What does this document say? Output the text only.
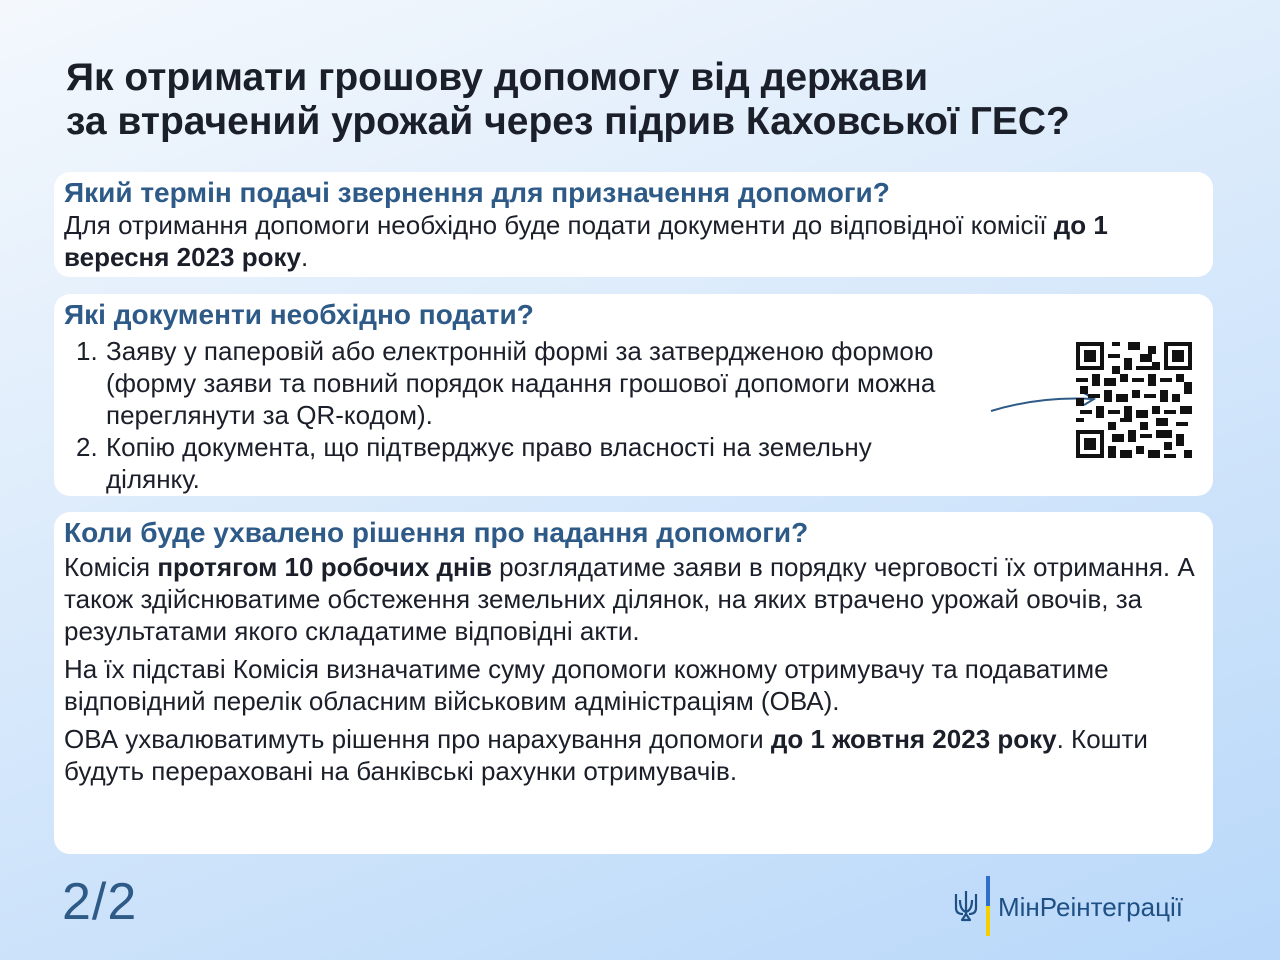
Як отримати грошову допомогу від держави
за втрачений урожай через підрив Каховської ГЕС?
Який термін подачі звернення для призначення допомоги?

Для отримання допомоги необхідно буде подати документи до відповідної комісії до 1 вересня 2023 року.

Які документи необхідно подати?
1. Заяву у паперовій або електронній формі за затвердженою формою (форму заяви та повний порядок надання грошової допомоги можна переглянути за QR-кодом).
2. Копію документа, що підтверджує право власності на земельну ділянку.
Коли буде ухвалено рішення про надання допомоги?

Комісія протягом 10 робочих днів розглядатиме заяви в порядку черговості їх отримання. А також здійснюватиме обстеження земельних ділянок, на яких втрачено урожай овочів, за результатами якого складатиме відповідні акти.

На їх підставі Комісія визначатиме суму допомоги кожному отримувачу та подаватиме відповідний перелік обласним військовим адміністраціям (ОВА).

ОВА ухвалюватимуть рішення про нарахування допомоги до 1 жовтня 2023 року. Кошти будуть перераховані на банківські рахунки отримувачів.

2/2	МінРеінтеграції
